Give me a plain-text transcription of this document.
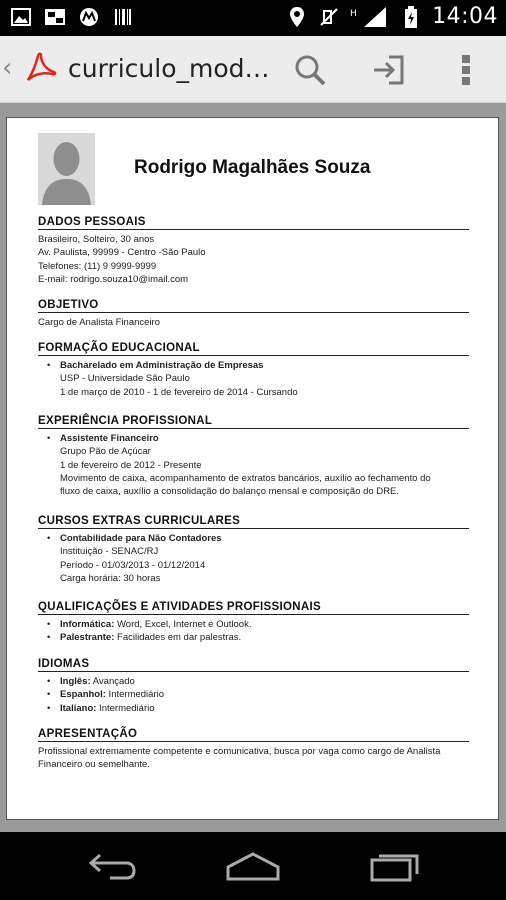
H	14:04
‹ curriculo_mod…
Rodrigo Magalhães Souza
DADOS PESSOAIS
Brasileiro, Solteiro, 30 anos
Av. Paulista, 99999 - Centro -São Paulo
Telefones: (11) 9 9999-9999
E-mail: rodrigo.souza10@imail.com
OBJETIVO
Cargo de Analista Financeiro
FORMAÇÃO EDUCACIONAL
• Bacharelado em Administração de Empresas
USP - Universidade São Paulo
1 de março de 2010 - 1 de fevereiro de 2014 - Cursando
EXPERIÊNCIA PROFISSIONAL
• Assistente Financeiro
Grupo Pão de Açúcar
1 de fevereiro de 2012 - Presente
Movimento de caixa, acompanhamento de extratos bancários, auxílio ao fechamento do
fluxo de caixa, auxílio a consolidação do balanço mensal e composição do DRE.
CURSOS EXTRAS CURRICULARES
• Contabilidade para Não Contadores
Instituição - SENAC/RJ
Período - 01/03/2013 - 01/12/2014
Carga horária: 30 horas
QUALIFICAÇÕES E ATIVIDADES PROFISSIONAIS
• Informática: Word, Excel, Internet e Outlook.
• Palestrante: Facilidades em dar palestras.
IDIOMAS
• Inglês: Avançado
• Espanhol: Intermediário
• Italiano: Intermediário
APRESENTAÇÃO
Profissional extremamente competente e comunicativa, busca por vaga como cargo de Analista
Financeiro ou semelhante.
